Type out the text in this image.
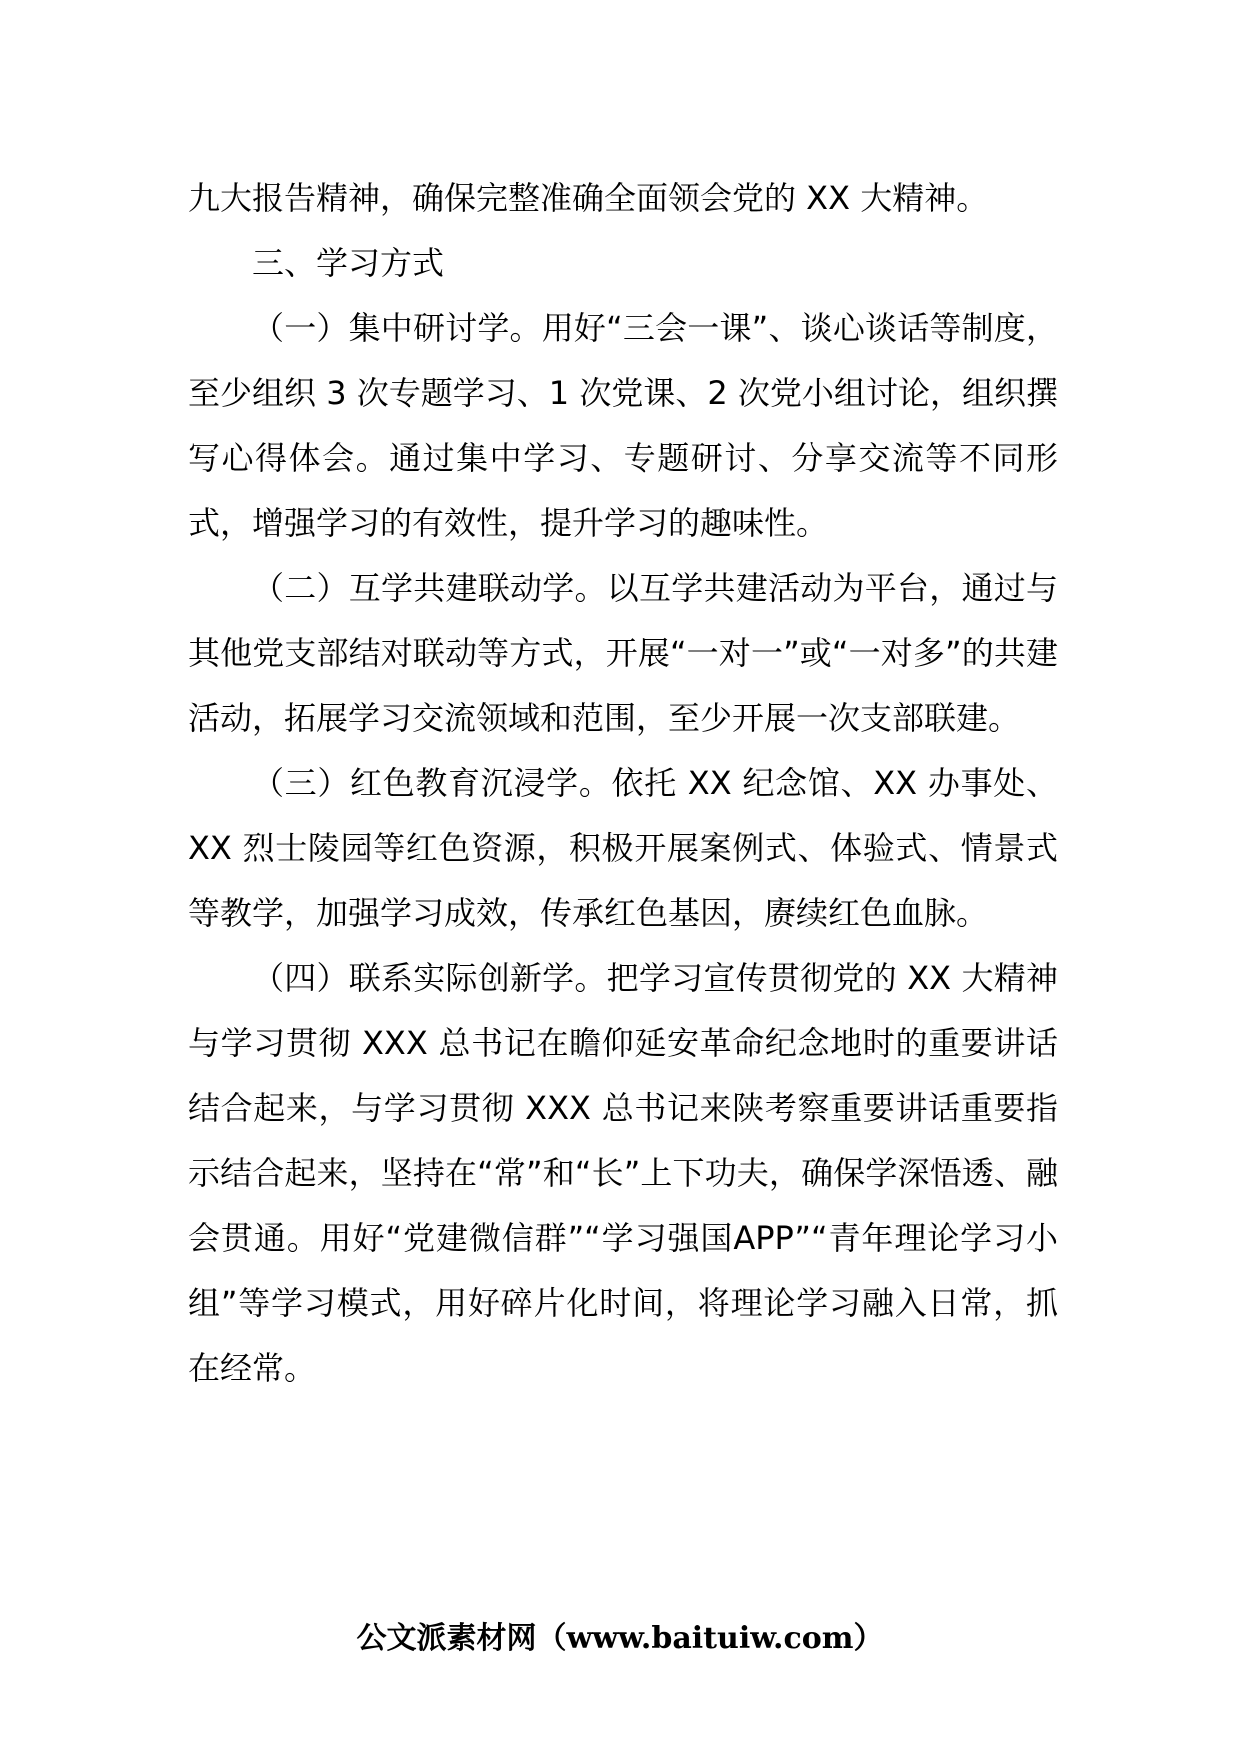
九大报告精神，确保完整准确全面领会党的 XX 大精神。

三、学习方式

（一）集中研讨学。用好“三会一课”、谈心谈话等制度，至少组织 3 次专题学习、1 次党课、2 次党小组讨论，组织撰写心得体会。通过集中学习、专题研讨、分享交流等不同形式，增强学习的有效性，提升学习的趣味性。

（二）互学共建联动学。以互学共建活动为平台，通过与其他党支部结对联动等方式，开展“一对一”或“一对多”的共建活动，拓展学习交流领域和范围，至少开展一次支部联建。

（三）红色教育沉浸学。依托 XX 纪念馆、XX 办事处、XX 烈士陵园等红色资源，积极开展案例式、体验式、情景式等教学，加强学习成效，传承红色基因，赓续红色血脉。

（四）联系实际创新学。把学习宣传贯彻党的 XX 大精神与学习贯彻 XXX 总书记在瞻仰延安革命纪念地时的重要讲话结合起来，与学习贯彻 XXX 总书记来陕考察重要讲话重要指示结合起来，坚持在“常”和“长”上下功夫，确保学深悟透、融会贯通。用好“党建微信群”“学习强国APP”“青年理论学习小组”等学习模式，用好碎片化时间，将理论学习融入日常，抓在经常。

公文派素材网（www.baituiw.com）
